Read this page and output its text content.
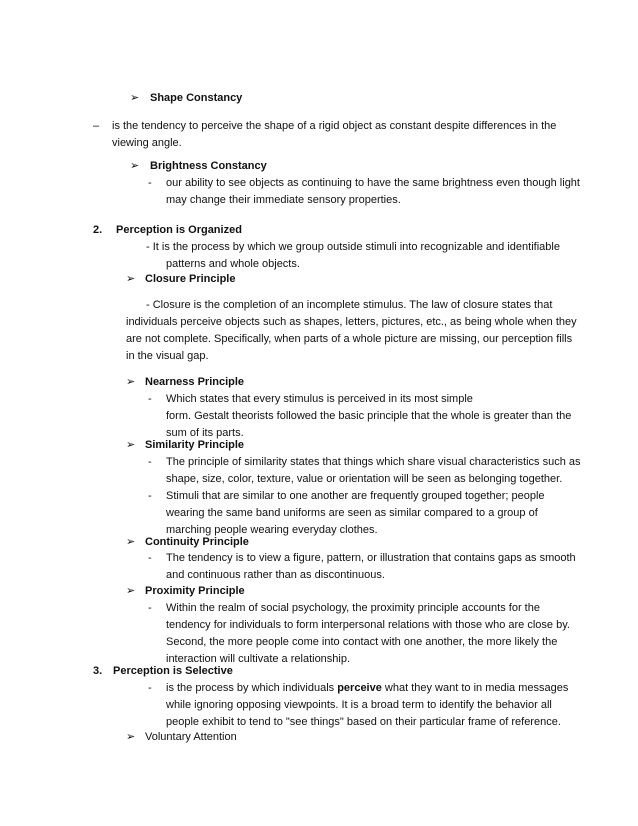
➢ Shape Constancy
– is the tendency to perceive the shape of a rigid object as constant despite differences in the
viewing angle.
➢ Brightness Constancy
- our ability to see objects as continuing to have the same brightness even though light
may change their immediate sensory properties.
2. Perception is Organized
- It is the process by which we group outside stimuli into recognizable and identifiable
patterns and whole objects.
➢ Closure Principle
- Closure is the completion of an incomplete stimulus. The law of closure states that
individuals perceive objects such as shapes, letters, pictures, etc., as being whole when they
are not complete. Specifically, when parts of a whole picture are missing, our perception fills
in the visual gap.
➢ Nearness Principle
- Which states that every stimulus is perceived in its most simple
form. Gestalt theorists followed the basic principle that the whole is greater than the
sum of its parts.
➢ Similarity Principle
- The principle of similarity states that things which share visual characteristics such as
shape, size, color, texture, value or orientation will be seen as belonging together.
- Stimuli that are similar to one another are frequently grouped together; people
wearing the same band uniforms are seen as similar compared to a group of
marching people wearing everyday clothes.
➢ Continuity Principle
- The tendency is to view a figure, pattern, or illustration that contains gaps as smooth
and continuous rather than as discontinuous.
➢ Proximity Principle
- Within the realm of social psychology, the proximity principle accounts for the
tendency for individuals to form interpersonal relations with those who are close by.
Second, the more people come into contact with one another, the more likely the
interaction will cultivate a relationship.
3. Perception is Selective
- is the process by which individuals perceive what they want to in media messages
while ignoring opposing viewpoints. It is a broad term to identify the behavior all
people exhibit to tend to "see things" based on their particular frame of reference.
➢ Voluntary Attention
